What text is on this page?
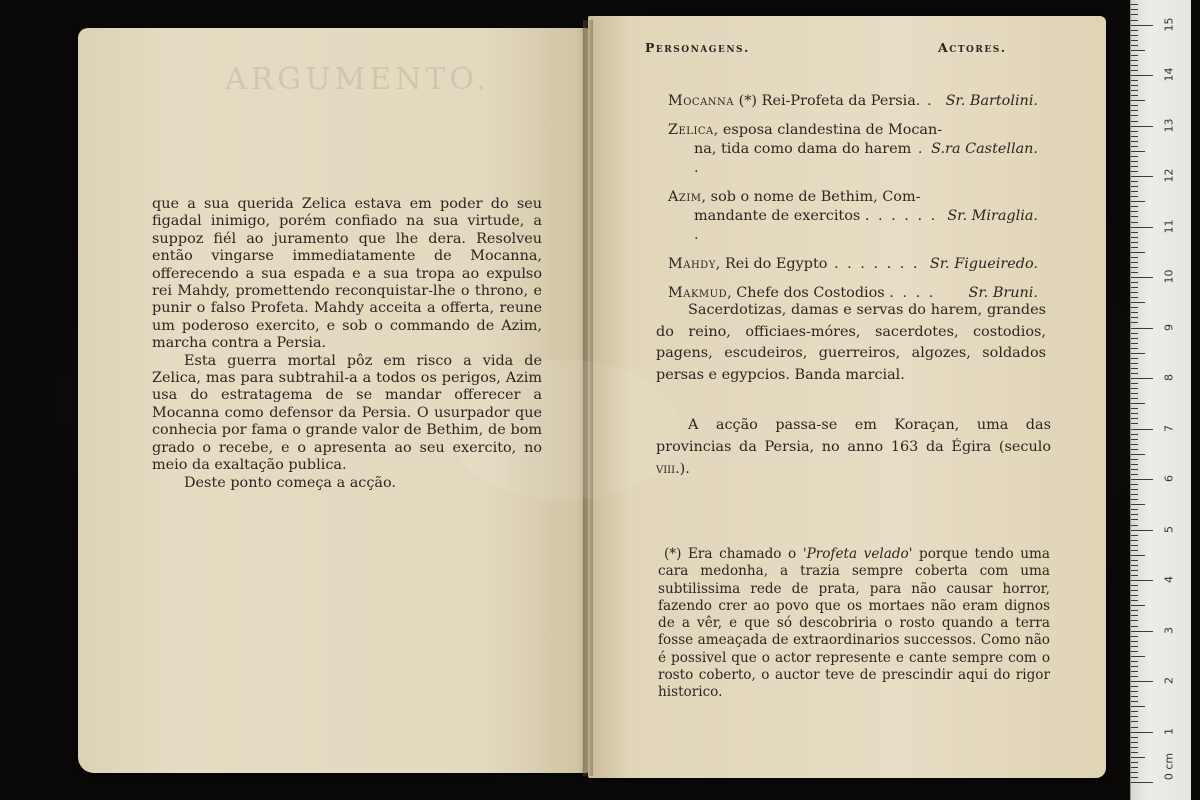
ARGUMENTO.

que a sua querida Zelica estava em poder do seu figadal inimigo, porém confiado na sua virtude, a suppoz fiél ao juramento que lhe dera. Resolveu então vingarse immediatamente de Mocanna, offerecendo a sua espada e a sua tropa ao expulso rei Mahdy, promettendo reconquistar-lhe o throno, e punir o falso Profeta. Mahdy acceita a offerta, reune um poderoso exercito, e sob o commando de Azim, marcha contra a Persia.

Esta guerra mortal pôz em risco a vida de Zelica, mas para subtrahil-a a todos os perigos, Azim usa do estratagema de se mandar offerecer a Mocanna como defensor da Persia. O usurpador que conhecia por fama o grande valor de Bethim, de bom grado o recebe, e o apresenta ao seu exercito, no meio da exaltação publica.

Deste ponto começa a acção.

Personagens.	Actores.
Mocanna (*) Rei-Profeta da Persia. . Sr. Bartolini.
Zelica, esposa clandestina de Mocan-
na, tida como dama do harem . .
S.ra Castellan.
Azim, sob o nome de Bethim, Com-
mandante de exercitos . . . . . . .
Sr. Miraglia.
Mahdy, Rei do Egypto . . . . . . . Sr. Figueiredo.
Makmud, Chefe dos Costodios . . . . Sr. Bruni.
Sacerdotizas, damas e servas do harem, grandes do reino, officiaes-móres, sacerdotes, costodios, pagens, escudeiros, guerreiros, algozes, soldados persas e egypcios. Banda marcial.
A acção passa-se em Koraçan, uma das provincias da Persia, no anno 163 da Égira (seculo viii.).
(*) Era chamado o 'Profeta velado' porque tendo uma cara medonha, a trazia sempre coberta com uma subtilissima rede de prata, para não causar horror, fazendo crer ao povo que os mortaes não eram dignos de a vêr, e que só descobriria o rosto quando a terra fosse ameaçada de extraordinarios successos. Como não é possivel que o actor represente e cante sempre com o rosto coberto, o auctor teve de prescindir aqui do rigor historico.
0 cm
1
2
3
4
5
6
7
8
9
10
11
12
13
14
15
